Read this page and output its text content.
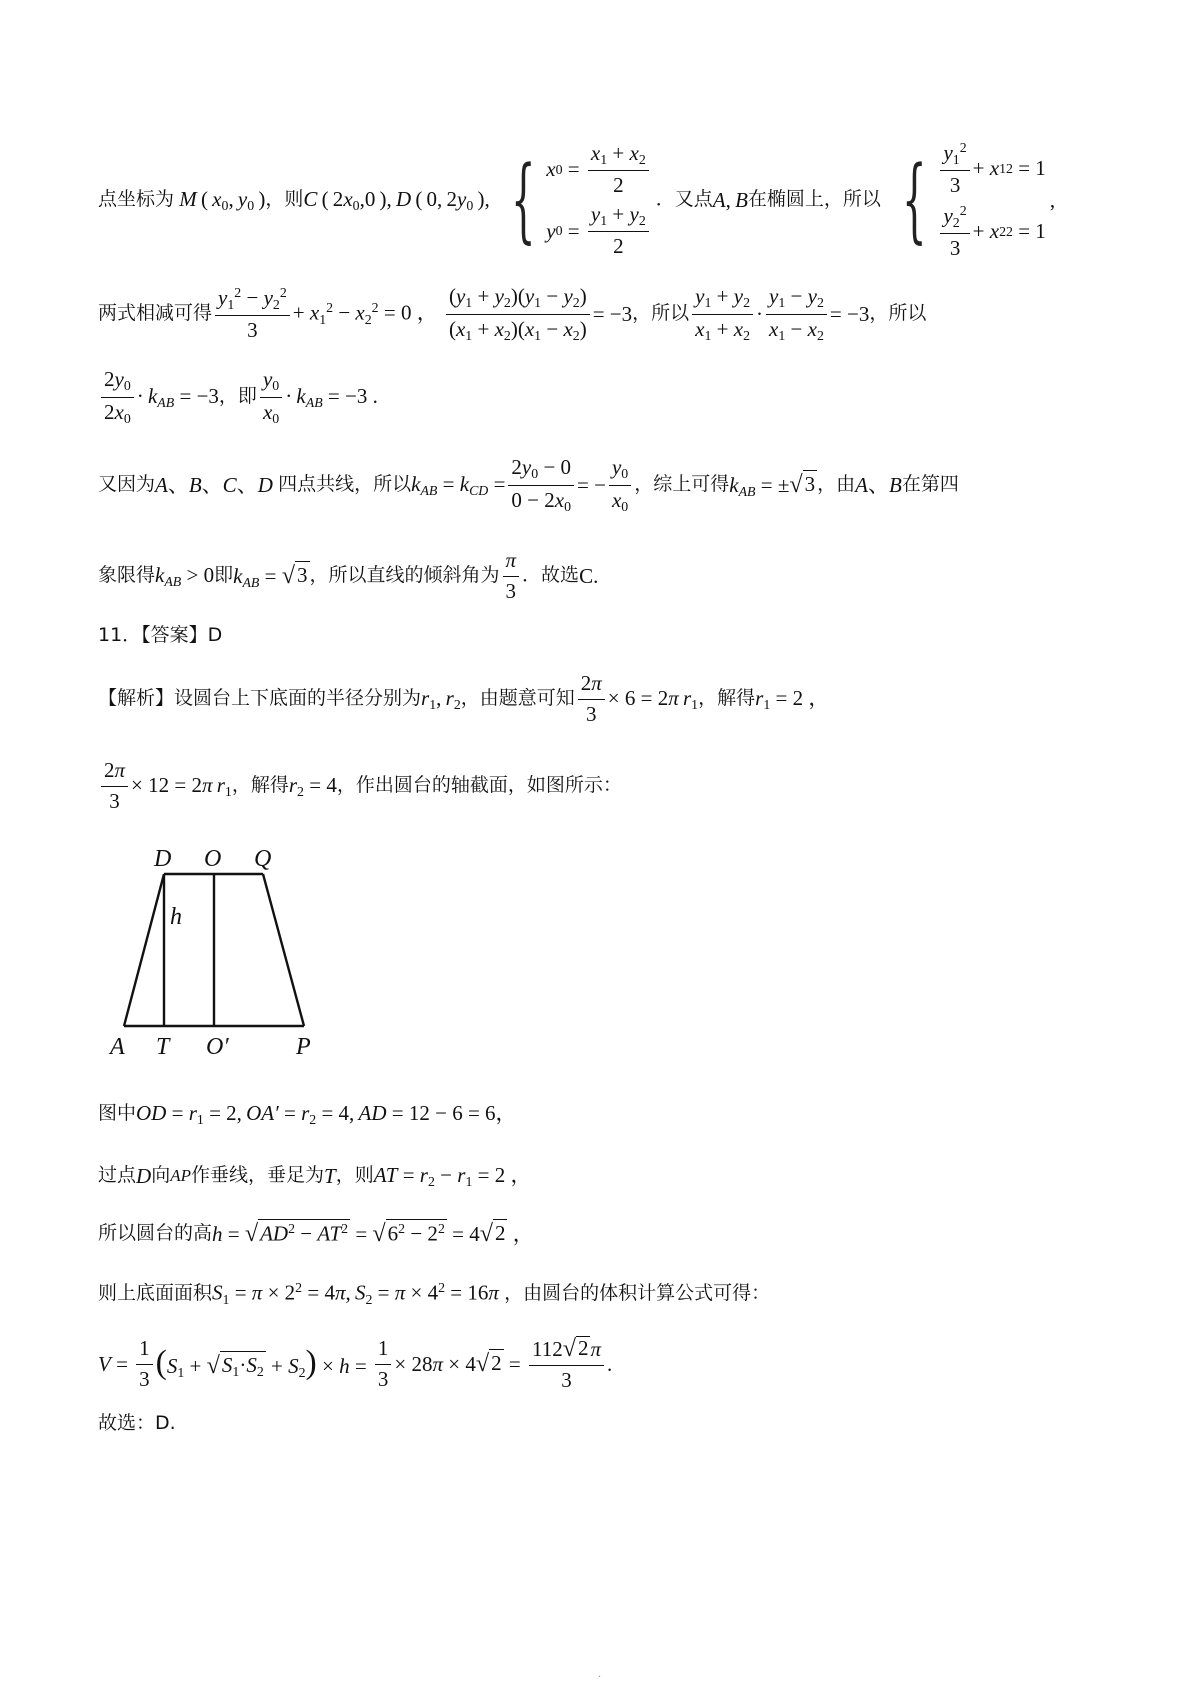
点坐标为 M ( $x_0$, $y_0$ ) ，则 C ( $2x_0,0$ ), D ( 0, $2y_0$ ), { x $0 = \frac{x_1 + x_2}{2}$
y $0 = \frac{y_1 + y_2}{2}$
．又点 A, B 在椭圆上，所以 { $\frac{y_1^2}{3} + x$ 1 2 = 1
$\frac{y_2^2}{3} + x$ 2 2 = 1
,
两式相减可得 $\frac{y_1^2 - y_2^2}{3} + x_1^2 - x_2^2 = 0$ ， $\frac{(y_1 + y_2)(y_1 - y_2)}{(x_1 + x_2)(x_1 - x_2)} = -3$ ，所以 $\frac{y_1 + y_2}{x_1 + x_2} \cdot \frac{y_1 - y_2}{x_1 - x_2} = -3$ ，所以
$\frac{2y_0}{2x_0} \cdot k_{AB} = -3$ ，即 $\frac{y_0}{x_0} \cdot k_{AB} = -3$ .
又因为 A、B、C、D 四点共线，所以 $k_{AB} = k_{CD} = \frac{2y_0 - 0}{0 - 2x_0}$ = − $\frac{y_0}{x_0}$ ，综上可得 $k_{AB}$ = ± √ 3 ，由 A、B 在第四
象限得 $k_{AB} > 0$ 即 $k_{AB}$ = √ 3 ，所以直线的倾斜角为 $\frac{\pi}{3}$ ．故选 C.
11．【答案】D
【解析】 设圆台上下底面的半径分别为 $r_1$, $r_2$ ，由题意可知 $\frac{2\pi}{3} \times 6 = 2\pi$  $r_1$ ，解得 $r_1 = 2$ ，
$\frac{2\pi}{3} \times 12 = 2\pi$  $r_1$ ，解得 $r_2 = 4$ ，作出圆台的轴截面，如图所示：
D O Q
h
A T O′	P
图中 OD = $r_1 = 2$, $OA' = r_2 = 4$, AD = 12 − 6 = 6，
过点 D 向 AP 作垂线，垂足为 T ，则 AT = $r_2 - r_1 = 2$ ，
所以圆台的高 h = √ $AD^2 - AT^2$ = √ $6^2 - 2^2 = 4$ √ 2 ，
则上底面面积 $S_1 = \pi \times 2^2 = 4\pi$, $S_2 = \pi \times 4^2 = 16\pi$ ，由圆台的体积计算公式可得：
$V = \frac{1}{3} (S_1$ + √ $S_1\cdot S_2 + S_2) \times h = \frac{1}{3} \times 28\pi \times 4$ √ $2 = \frac{112 √ 2 \pi}{3}$ .
故选：D.
·
